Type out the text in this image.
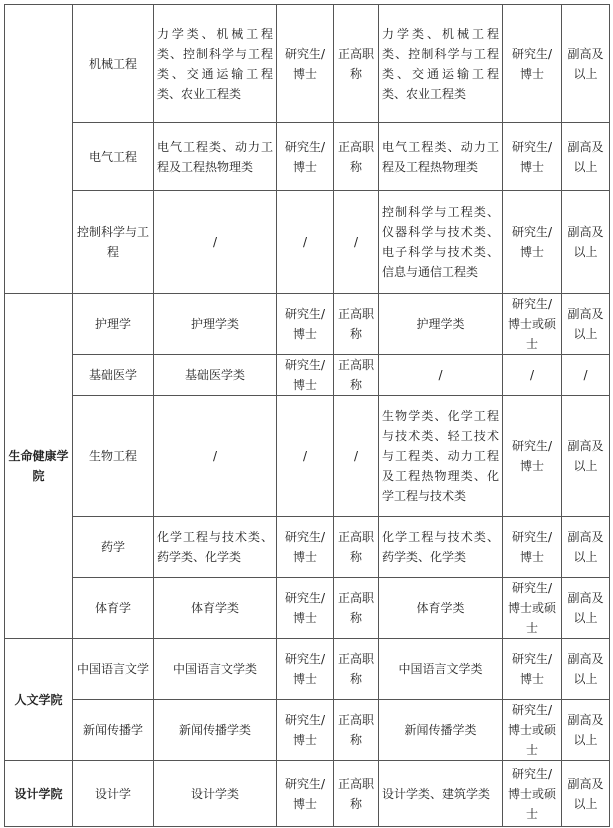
	机械工程	力学类、机械工程类、控制科学与工程类、交通运输工程类、农业工程类	研究生/博士	正高职称	力学类、机械工程类、控制科学与工程类、交通运输工程类、农业工程类	研究生/博士	副高及以上
	电气工程	电气工程类、动力工程及工程热物理类	研究生/博士	正高职称	电气工程类、动力工程及工程热物理类	研究生/博士	副高及以上
	控制科学与工程	/	/	/	控制科学与工程类、仪器科学与技术类、电子科学与技术类、信息与通信工程类	研究生/博士	副高及以上
生命健康学院	护理学	护理学类	研究生/博士	正高职称	护理学类	研究生/博士或硕士	副高及以上
	基础医学	基础医学类	研究生/博士	正高职称	/	/	/
	生物工程	/	/	/	生物学类、化学工程与技术类、轻工技术与工程类、动力工程及工程热物理类、化学工程与技术类	研究生/博士	副高及以上
	药学	化学工程与技术类、药学类、化学类	研究生/博士	正高职称	化学工程与技术类、药学类、化学类	研究生/博士	副高及以上
	体育学	体育学类	研究生/博士	正高职称	体育学类	研究生/博士或硕士	副高及以上
人文学院	中国语言文学	中国语言文学类	研究生/博士	正高职称	中国语言文学类	研究生/博士	副高及以上
	新闻传播学	新闻传播学类	研究生/博士	正高职称	新闻传播学类	研究生/博士或硕士	副高及以上
设计学院	设计学	设计学类	研究生/博士	正高职称	设计学类、建筑学类	研究生/博士或硕士	副高及以上
